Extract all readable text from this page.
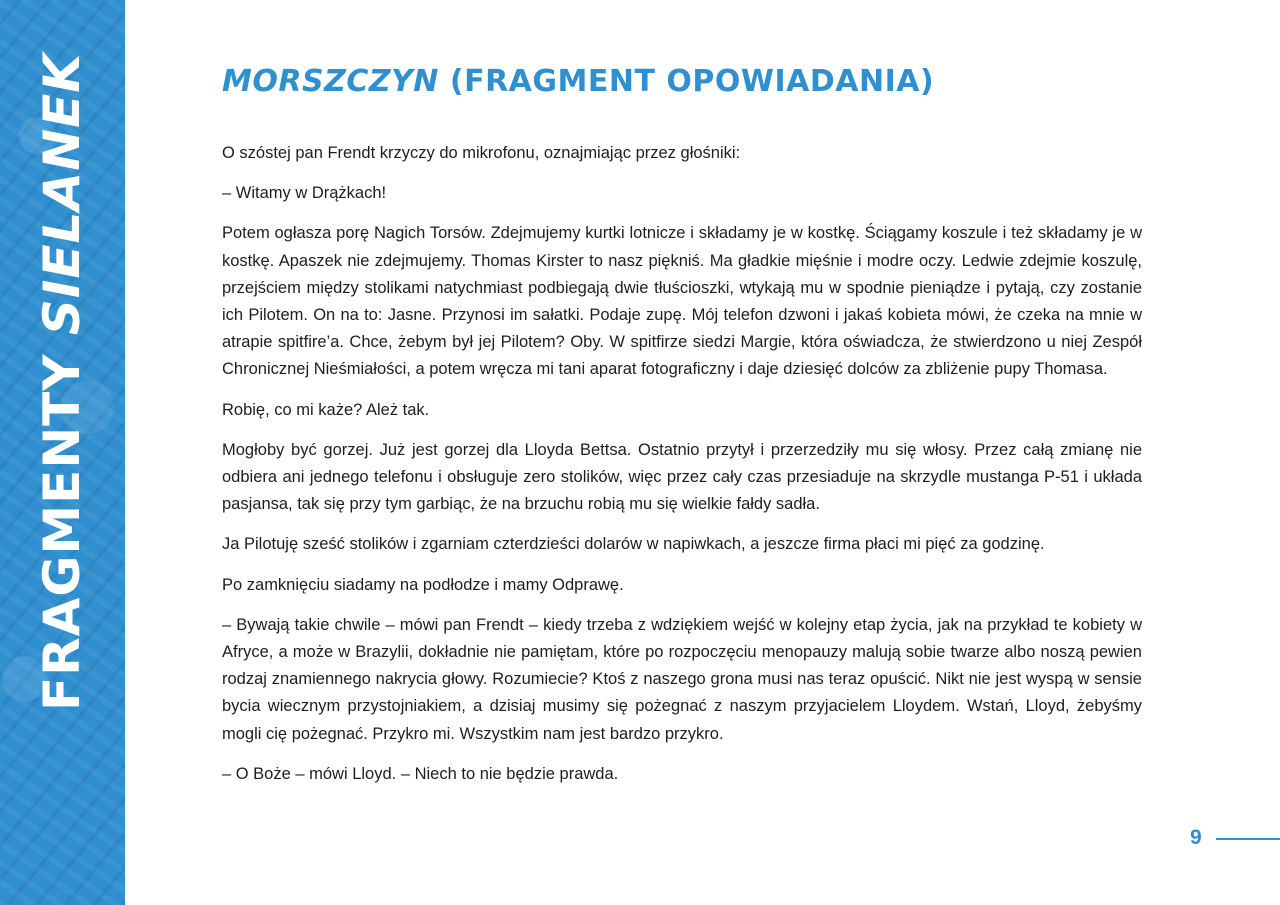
FRAGMENTY SIELANEK	MORSZCZYN (FRAGMENT OPOWIADANIA)

O szóstej pan Frendt krzyczy do mikrofonu, oznajmiając przez głośniki:

– Witamy w Drążkach!

Potem ogłasza porę Nagich Torsów. Zdejmujemy kurtki lotnicze i składamy je w kostkę. Ściągamy koszule i też składamy je w kostkę. Apaszek nie zdejmujemy. Thomas Kirster to nasz piękniś. Ma gładkie mięśnie i modre oczy. Ledwie zdejmie koszulę, przejściem między stolikami natychmiast podbiegają dwie tłuścioszki, wtykają mu w spodnie pieniądze i pytają, czy zostanie ich Pilotem. On na to: Jasne. Przynosi im sałatki. Podaje zupę. Mój telefon dzwoni i jakaś kobieta mówi, że czeka na mnie w atrapie spitfire’a. Chce, żebym był jej Pilotem? Oby. W spitfirze siedzi Margie, która oświadcza, że stwierdzono u niej Zespół Chronicznej Nieśmiałości, a potem wręcza mi tani aparat fotograficzny i daje dziesięć dolców za zbliżenie pupy Thomasa.

Robię, co mi każe? Ależ tak.

Mogłoby być gorzej. Już jest gorzej dla Lloyda Bettsa. Ostatnio przytył i przerzedziły mu się włosy. Przez całą zmianę nie odbiera ani jednego telefonu i obsługuje zero stolików, więc przez cały czas przesiaduje na skrzydle mustanga P-51 i układa pasjansa, tak się przy tym garbiąc, że na brzuchu robią mu się wielkie fałdy sadła.

Ja Pilotuję sześć stolików i zgarniam czterdzieści dolarów w napiwkach, a jeszcze firma płaci mi pięć za godzinę.

Po zamknięciu siadamy na podłodze i mamy Odprawę.

– Bywają takie chwile – mówi pan Frendt – kiedy trzeba z wdziękiem wejść w kolejny etap życia, jak na przykład te kobiety w Afryce, a może w Brazylii, dokładnie nie pamiętam, które po rozpoczęciu menopauzy malują sobie twarze albo noszą pewien rodzaj znamiennego nakrycia głowy. Rozumiecie? Ktoś z naszego grona musi nas teraz opuścić. Nikt nie jest wyspą w sensie bycia wiecznym przystojniakiem, a dzisiaj musimy się pożegnać z naszym przyjacielem Lloydem. Wstań, Lloyd, żebyśmy mogli cię pożegnać. Przykro mi. Wszystkim nam jest bardzo przykro.

– O Boże – mówi Lloyd. – Niech to nie będzie prawda.

9
